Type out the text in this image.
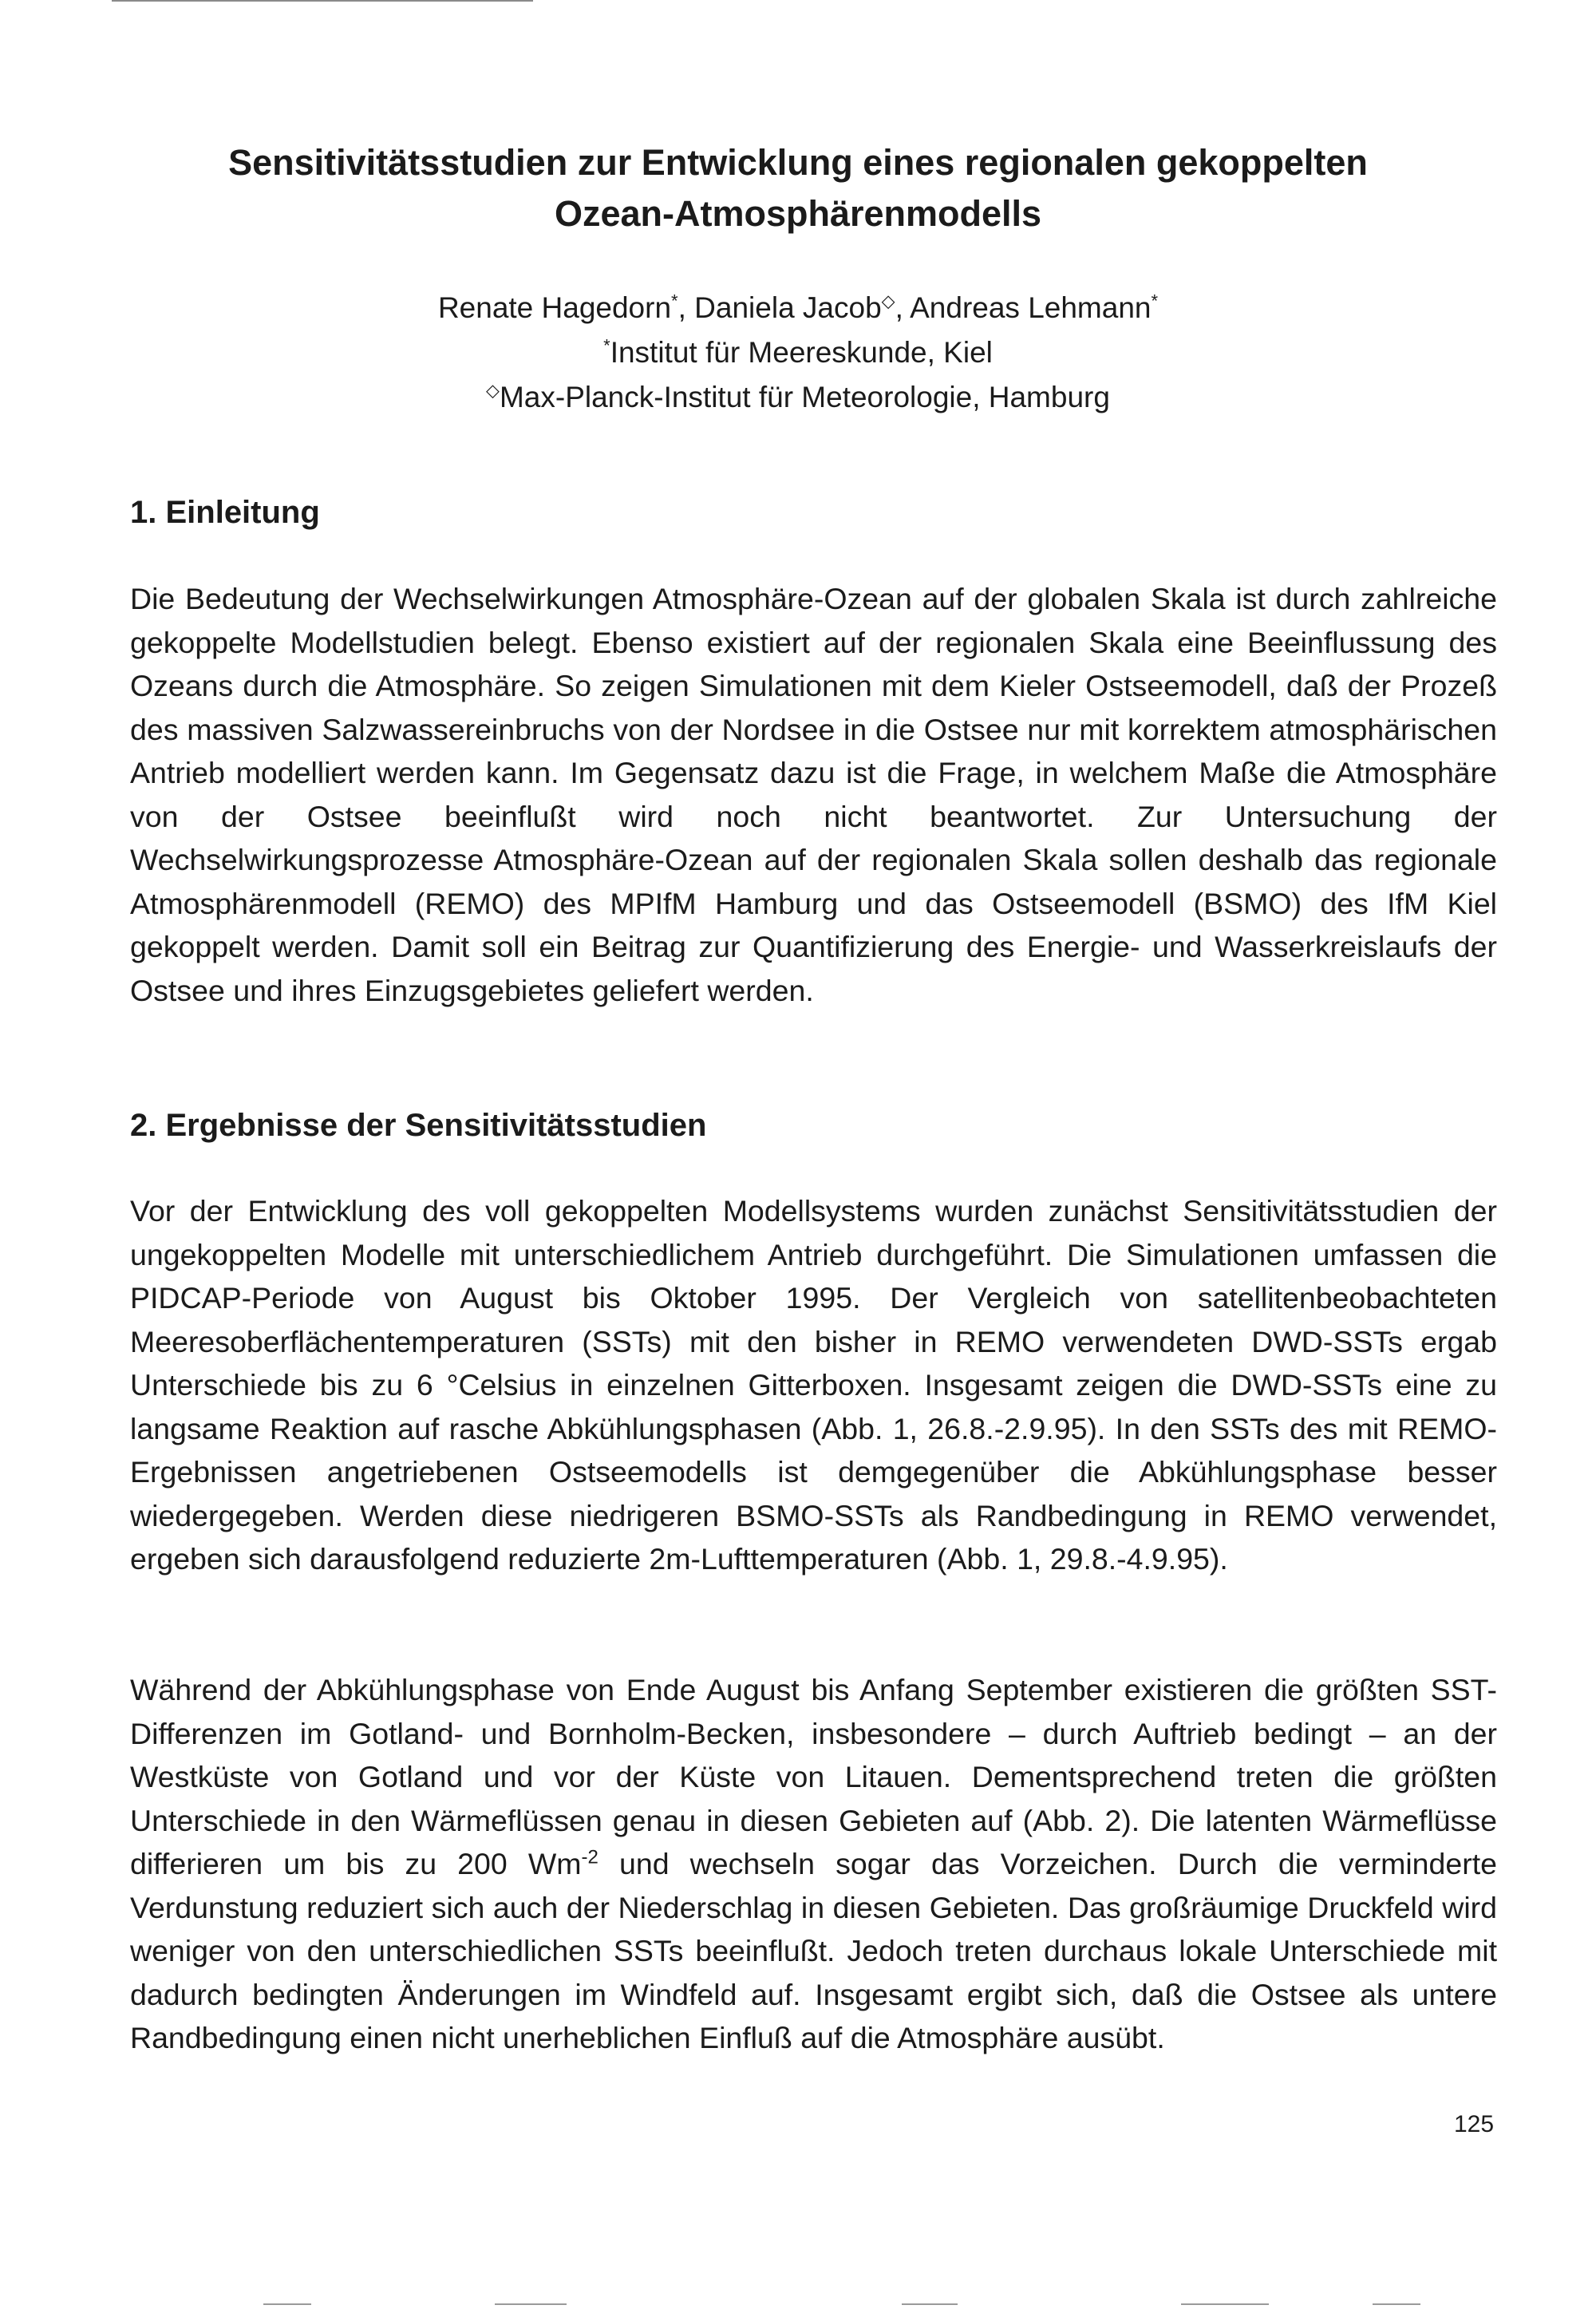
Sensitivitätsstudien zur Entwicklung eines regionalen gekoppelten
Ozean-Atmosphärenmodells
Renate Hagedorn*, Daniela Jacob◇, Andreas Lehmann*
*Institut für Meereskunde, Kiel
◇Max-Planck-Institut für Meteorologie, Hamburg
1. Einleitung
Die Bedeutung der Wechselwirkungen Atmosphäre-Ozean auf der globalen Skala ist durch zahlreiche gekoppelte Modellstudien belegt. Ebenso existiert auf der regionalen Skala eine Beeinflussung des Ozeans durch die Atmosphäre. So zeigen Simulationen mit dem Kieler Ostseemodell, daß der Prozeß des massiven Salzwassereinbruchs von der Nordsee in die Ostsee nur mit korrektem atmosphärischen Antrieb modelliert werden kann. Im Gegensatz dazu ist die Frage, in welchem Maße die Atmosphäre von der Ostsee beeinflußt wird noch nicht beantwortet. Zur Untersuchung der Wechselwirkungsprozesse Atmosphäre-Ozean auf der regionalen Skala sollen deshalb das regionale Atmosphärenmodell (REMO) des MPIfM Hamburg und das Ostseemodell (BSMO) des IfM Kiel gekoppelt werden. Damit soll ein Beitrag zur Quantifizierung des Energie- und Wasserkreislaufs der Ostsee und ihres Einzugsgebietes geliefert werden.
2. Ergebnisse der Sensitivitätsstudien
Vor der Entwicklung des voll gekoppelten Modellsystems wurden zunächst Sensitivitätsstudien der ungekoppelten Modelle mit unterschiedlichem Antrieb durchgeführt. Die Simulationen umfassen die PIDCAP-Periode von August bis Oktober 1995. Der Vergleich von satellitenbeobachteten Meeresoberflächentemperaturen (SSTs) mit den bisher in REMO verwendeten DWD-SSTs ergab Unterschiede bis zu 6 °Celsius in einzelnen Gitterboxen. Insgesamt zeigen die DWD-SSTs eine zu langsame Reaktion auf rasche Abkühlungsphasen (Abb. 1, 26.8.-2.9.95). In den SSTs des mit REMO-Ergebnissen angetriebenen Ostseemodells ist demgegenüber die Abkühlungsphase besser wiedergegeben. Werden diese niedrigeren BSMO-SSTs als Randbedingung in REMO verwendet, ergeben sich darausfolgend reduzierte 2m-Lufttemperaturen (Abb. 1, 29.8.-4.9.95).
Während der Abkühlungsphase von Ende August bis Anfang September existieren die größten SST-Differenzen im Gotland- und Bornholm-Becken, insbesondere – durch Auftrieb bedingt – an der Westküste von Gotland und vor der Küste von Litauen. Dementsprechend treten die größten Unterschiede in den Wärmeflüssen genau in diesen Gebieten auf (Abb. 2). Die latenten Wärmeflüsse differieren um bis zu 200 $Wm^{-2}$ und wechseln sogar das Vorzeichen. Durch die verminderte Verdunstung reduziert sich auch der Niederschlag in diesen Gebieten. Das großräumige Druckfeld wird weniger von den unterschiedlichen SSTs beeinflußt. Jedoch treten durchaus lokale Unterschiede mit dadurch bedingten Änderungen im Windfeld auf. Insgesamt ergibt sich, daß die Ostsee als untere Randbedingung einen nicht unerheblichen Einfluß auf die Atmosphäre ausübt.
125
